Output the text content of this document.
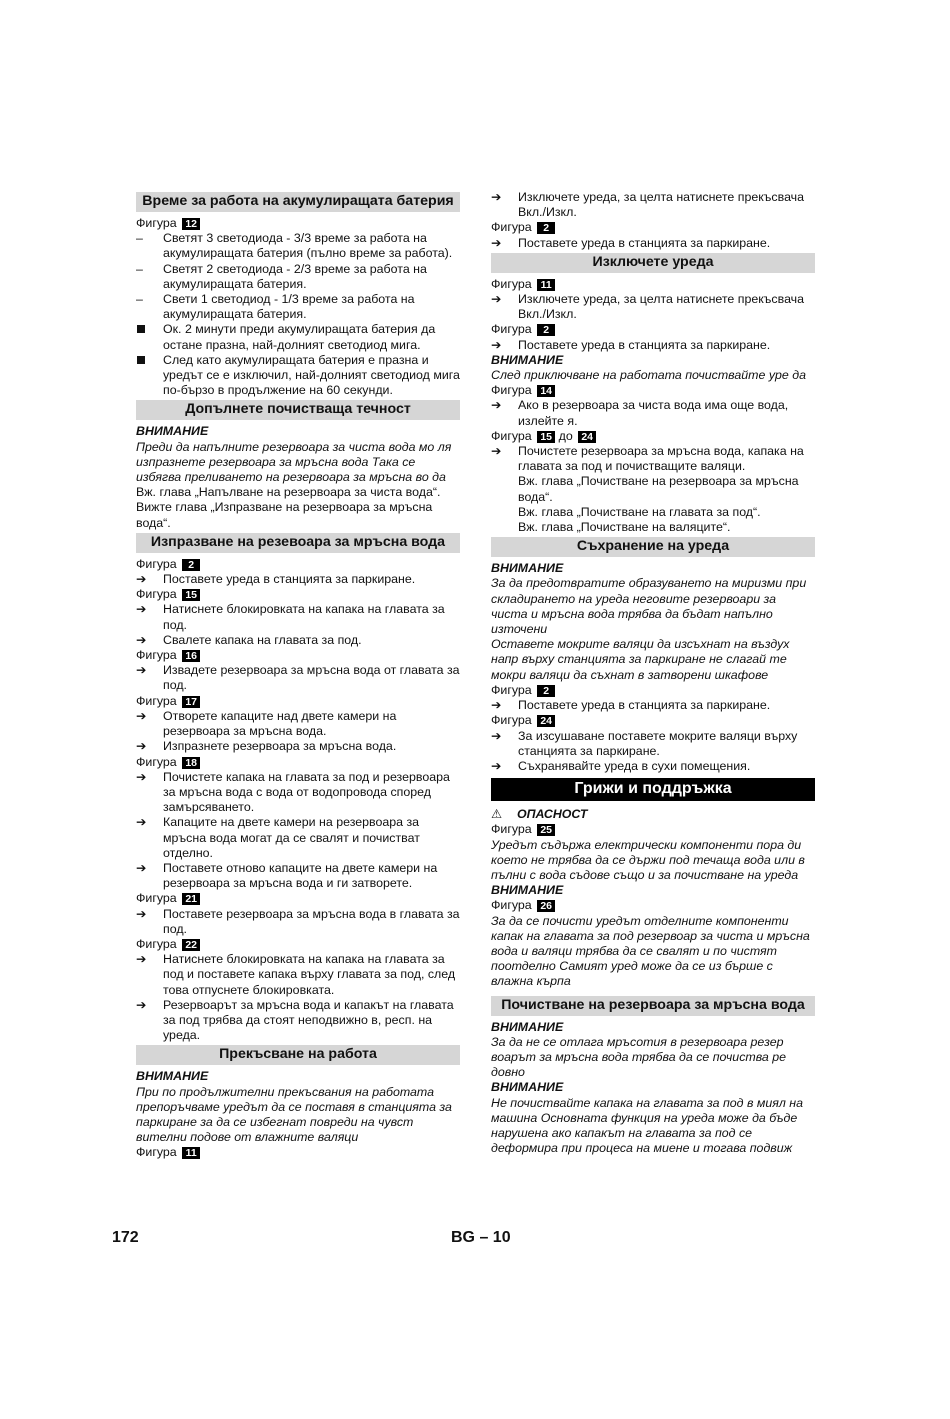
Време за работа на акумулиращата батерия
Фигура 12
–	Светят 3 светодиода - 3/3 време за работа на акумулиращата батерия (пълно време за работа).
–	Светят 2 светодиода - 2/3 време за работа на акумулиращата батерия.
–	Свети 1 светодиод - 1/3 време за работа на акумулиращата батерия.
Ок. 2 минути преди акумулиращата батерия да остане празна, най-долният светодиод мига.
След като акумулиращата батерия е празна и уредът се е изключил, най-долният светодиод мига по-бързо в продължение на 60 секунди.
Допълнете почистваща течност
ВНИМАНИЕ
Преди да напълните резервоара за чиста вода мо ля изпразнете резервоара за мръсна вода Така се избягва преливането на резервоара за мръсна во да
Вж. глава „Напълване на резервоара за чиста вода“.
Вижте глава „Изпразване на резервоара за мръсна вода“.
Изпразване на резевоара за мръсна вода
Фигура 2
➔	Поставете уреда в станцията за паркиране.
Фигура 15
➔	Натиснете блокировката на капака на главата за под.
➔	Свалете капака на главата за под.
Фигура 16
➔	Извадете резервоара за мръсна вода от главата за под.
Фигура 17
➔	Отворете капаците над двете камери на резервоара за мръсна вода.
➔	Изпразнете резервоара за мръсна вода.
Фигура 18
➔	Почистете капака на главата за под и резервоара за мръсна вода с вода от водопровода според замърсяването.
➔	Капаците на двете камери на резервоара за мръсна вода могат да се свалят и почистват отделно.
➔	Поставете отново капаците на двете камери на резервоара за мръсна вода и ги затворете.
Фигура 21
➔	Поставете резервоара за мръсна вода в главата за под.
Фигура 22
➔	Натиснете блокировката на капака на главата за под и поставете капака върху главата за под, след това отпуснете блокировката.
➔	Резервоарът за мръсна вода и капакът на главата за под трябва да стоят неподвижно в, респ. на уреда.
Прекъсване на работа
ВНИМАНИЕ
При по продължителни прекъсвания на работата препоръчваме уредът да се поставя в станцията за паркиране за да се избегнат повреди на чувст вителни подове от влажните валяци
Фигура 11
➔	Изключете уреда, за целта натиснете прекъсвача Вкл./Изкл.
Фигура 2
➔	Поставете уреда в станцията за паркиране.
Изключете уреда
Фигура 11
➔	Изключете уреда, за целта натиснете прекъсвача Вкл./Изкл.
Фигура 2
➔	Поставете уреда в станцията за паркиране.
ВНИМАНИЕ
След приключване на работата почиствайте уре да
Фигура 14
➔	Ако в резервоара за чиста вода има още вода, излейте я.
Фигура 15 до 24
➔	Почистете резервоара за мръсна вода, капака на главата за под и почистващите валяци.
Вж. глава „Почистване на резервоара за мръсна вода“.
Вж. глава „Почистване на главата за под“.
Вж. глава „Почистване на валяците“.
Съхранение на уреда
ВНИМАНИЕ
За да предотвратите образуването на миризми при складирането на уреда неговите резервоари за чиста и мръсна вода трябва да бъдат напълно източени
Оставете мокрите валяци да изсъхнат на въздух напр върху станцията за паркиране не слагай те мокри валяци да съхнат в затворени шкафове
Фигура 2
➔	Поставете уреда в станцията за паркиране.
Фигура 24
➔	За изсушаване поставете мокрите валяци върху станцията за паркиране.
➔	Съхранявайте уреда в сухи помещения.
Грижи и поддръжка
⚠ ОПАСНОСТ
Фигура 25
Уредът съдържа електрически компоненти пора ди което не трябва да се държи под течаща вода или в пълни с вода съдове също и за почистване на уреда
ВНИМАНИЕ
Фигура 26
За да се почисти уредът отделните компоненти капак на главата за под резервоар за чиста и мръсна вода и валяци трябва да се свалят и по чистят поотделно Самият уред може да се из бърше с влажна кърпа
Почистване на резервоара за мръсна вода
ВНИМАНИЕ
За да не се отлага мръсотия в резервоара резер воарът за мръсна вода трябва да се почиства ре довно
ВНИМАНИЕ
Не почиствайте капака на главата за под в миял на машина Основната функция на уреда може да бъде нарушена ако капакът на главата за под се деформира при процеса на миене и тогава подвиж
172	BG – 10
